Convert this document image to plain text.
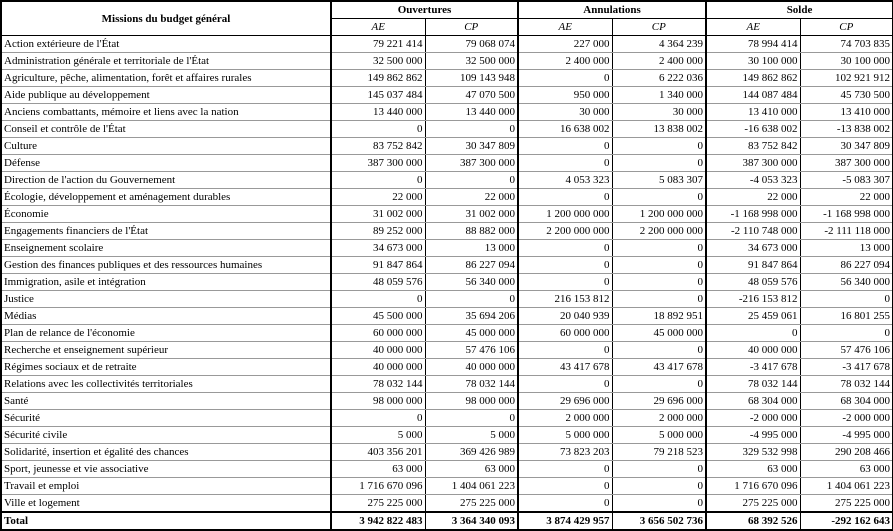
Missions du budget général	Ouvertures		Annulations		Solde	
	AE	CP	AE	CP	AE	CP
Action extérieure de l'État	79 221 414	79 068 074	227 000	4 364 239	78 994 414	74 703 835
Administration générale et territoriale de l'État	32 500 000	32 500 000	2 400 000	2 400 000	30 100 000	30 100 000
Agriculture, pêche, alimentation, forêt et affaires rurales	149 862 862	109 143 948	0	6 222 036	149 862 862	102 921 912
Aide publique au développement	145 037 484	47 070 500	950 000	1 340 000	144 087 484	45 730 500
Anciens combattants, mémoire et liens avec la nation	13 440 000	13 440 000	30 000	30 000	13 410 000	13 410 000
Conseil et contrôle de l'État	0	0	16 638 002	13 838 002	-16 638 002	-13 838 002
Culture	83 752 842	30 347 809	0	0	83 752 842	30 347 809
Défense	387 300 000	387 300 000	0	0	387 300 000	387 300 000
Direction de l'action du Gouvernement	0	0	4 053 323	5 083 307	-4 053 323	-5 083 307
Écologie, développement et aménagement durables	22 000	22 000	0	0	22 000	22 000
Économie	31 002 000	31 002 000	1 200 000 000	1 200 000 000	-1 168 998 000	-1 168 998 000
Engagements financiers de l'État	89 252 000	88 882 000	2 200 000 000	2 200 000 000	-2 110 748 000	-2 111 118 000
Enseignement scolaire	34 673 000	13 000	0	0	34 673 000	13 000
Gestion des finances publiques et des ressources humaines	91 847 864	86 227 094	0	0	91 847 864	86 227 094
Immigration, asile et intégration	48 059 576	56 340 000	0	0	48 059 576	56 340 000
Justice	0	0	216 153 812	0	-216 153 812	0
Médias	45 500 000	35 694 206	20 040 939	18 892 951	25 459 061	16 801 255
Plan de relance de l'économie	60 000 000	45 000 000	60 000 000	45 000 000	0	0
Recherche et enseignement supérieur	40 000 000	57 476 106	0	0	40 000 000	57 476 106
Régimes sociaux et de retraite	40 000 000	40 000 000	43 417 678	43 417 678	-3 417 678	-3 417 678
Relations avec les collectivités territoriales	78 032 144	78 032 144	0	0	78 032 144	78 032 144
Santé	98 000 000	98 000 000	29 696 000	29 696 000	68 304 000	68 304 000
Sécurité	0	0	2 000 000	2 000 000	-2 000 000	-2 000 000
Sécurité civile	5 000	5 000	5 000 000	5 000 000	-4 995 000	-4 995 000
Solidarité, insertion et égalité des chances	403 356 201	369 426 989	73 823 203	79 218 523	329 532 998	290 208 466
Sport, jeunesse et vie associative	63 000	63 000	0	0	63 000	63 000
Travail et emploi	1 716 670 096	1 404 061 223	0	0	1 716 670 096	1 404 061 223
Ville et logement	275 225 000	275 225 000	0	0	275 225 000	275 225 000
Total	3 942 822 483	3 364 340 093	3 874 429 957	3 656 502 736	68 392 526	-292 162 643
